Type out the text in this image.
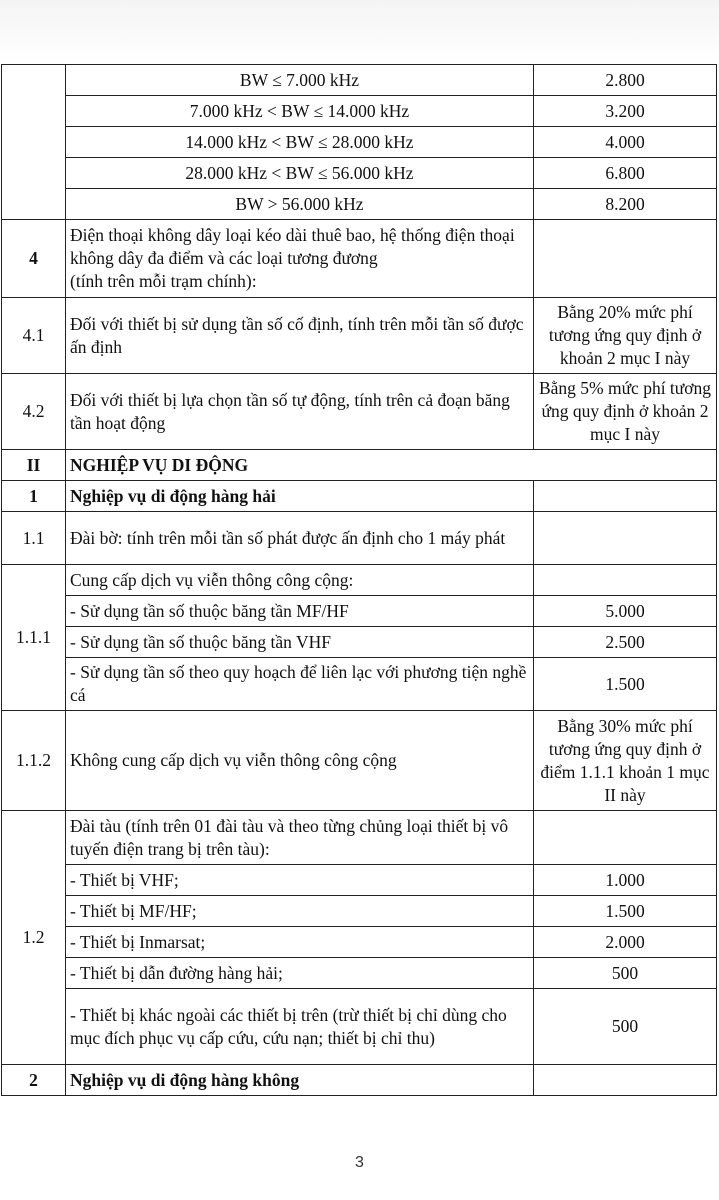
	BW ≤ 7.000 kHz	2.800
	7.000 kHz < BW ≤ 14.000 kHz	3.200
	14.000 kHz < BW ≤ 28.000 kHz	4.000
	28.000 kHz < BW ≤ 56.000 kHz	6.800
	BW > 56.000 kHz	8.200
4	Điện thoại không dây loại kéo dài thuê bao, hệ thống điện thoại không dây đa điểm và các loại tương đương
(tính trên mỗi trạm chính):	

4.1	Đối với thiết bị sử dụng tần số cố định, tính trên mỗi tần số được ấn định	Bằng 20% mức phí tương ứng quy định ở khoản 2 mục I này
4.2	Đối với thiết bị lựa chọn tần số tự động, tính trên cả đoạn băng tần hoạt động	Bằng 5% mức phí tương ứng quy định ở khoản 2 mục I này
II	NGHIỆP VỤ DI ĐỘNG	
1	Nghiệp vụ di động hàng hải	
1.1	Đài bờ: tính trên mỗi tần số phát được ấn định cho 1 máy phát	
1.1.1	Cung cấp dịch vụ viễn thông công cộng:	
	- Sử dụng tần số thuộc băng tần MF/HF	5.000
	- Sử dụng tần số thuộc băng tần VHF	2.500
	- Sử dụng tần số theo quy hoạch để liên lạc với phương tiện nghề cá	1.500
1.1.2	Không cung cấp dịch vụ viễn thông công cộng	Bằng 30% mức phí tương ứng quy định ở điểm 1.1.1 khoản 1 mục II này
1.2	Đài tàu (tính trên 01 đài tàu và theo từng chủng loại thiết bị vô tuyến điện trang bị trên tàu):	
	- Thiết bị VHF;	1.000
	- Thiết bị MF/HF;	1.500
	- Thiết bị Inmarsat;	2.000
	- Thiết bị dẫn đường hàng hải;	500
	- Thiết bị khác ngoài các thiết bị trên (trừ thiết bị chỉ dùng cho mục đích phục vụ cấp cứu, cứu nạn; thiết bị chỉ thu)	500
2	Nghiệp vụ di động hàng không	
3
